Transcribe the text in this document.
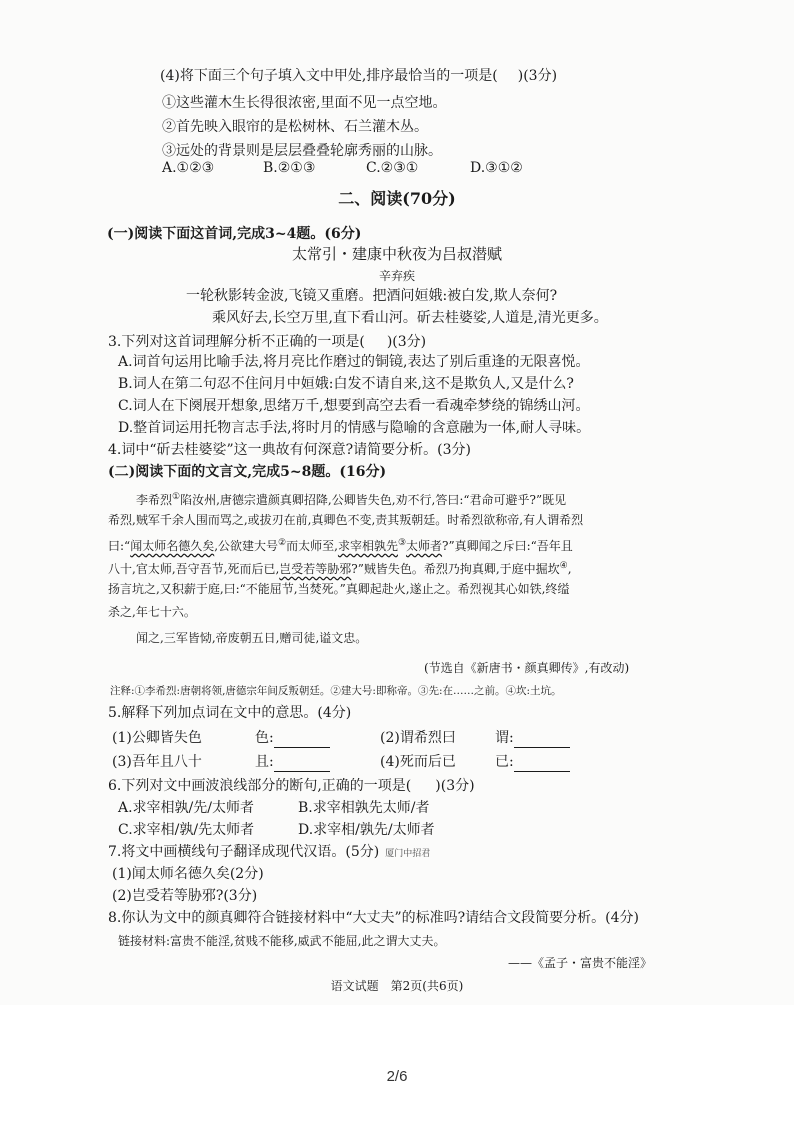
(4)将下面三个句子填入文中甲处,排序最恰当的一项是( )(3分)
①这些灌木生长得很浓密,里面不见一点空地。
②首先映入眼帘的是松树林、石兰灌木丛。
③远处的背景则是层层叠叠轮廓秀丽的山脉。
A.①②③	B.②①③	C.②③①	D.③①②
二、阅读(70分)
(一)阅读下面这首词,完成3~4题。(6分)
太常引・建康中秋夜为吕叔潜赋
辛弃疾
一轮秋影转金波,飞镜又重磨。把酒问姮娥:被白发,欺人奈何?
乘风好去,长空万里,直下看山河。斫去桂婆娑,人道是,清光更多。
3.下列对这首词理解分析不正确的一项是( )(3分)
A.词首句运用比喻手法,将月亮比作磨过的铜镜,表达了别后重逢的无限喜悦。
B.词人在第二句忍不住问月中姮娥:白发不请自来,这不是欺负人,又是什么?
C.词人在下阕展开想象,思绪万千,想要到高空去看一看魂牵梦绕的锦绣山河。
D.整首词运用托物言志手法,将时月的情感与隐喻的含意融为一体,耐人寻味。
4.词中“斫去桂婆娑”这一典故有何深意?请简要分析。(3分)
(二)阅读下面的文言文,完成5~8题。(16分)
李希烈①陷汝州,唐德宗遣颜真卿招降,公卿皆失色,劝不行,答曰:“君命可避乎?”既见
希烈,贼军千余人围而骂之,或拔刃在前,真卿色不变,责其叛朝廷。时希烈欲称帝,有人谓希烈
曰:“闻太师名德久矣,公欲建大号②而太师至,求宰相孰先③太师者?”真卿闻之斥曰:“吾年且
八十,官太师,吾守吾节,死而后已,岂受若等胁邪?”贼皆失色。希烈乃拘真卿,于庭中掘坎④,
扬言坑之,又积薪于庭,曰:“不能屈节,当焚死。”真卿起赴火,遂止之。希烈视其心如铁,终缢
杀之,年七十六。
闻之,三军皆恸,帝废朝五日,赠司徒,谥文忠。
(节选自《新唐书・颜真卿传》,有改动)
注释:①李希烈:唐朝将领,唐德宗年间反叛朝廷。②建大号:即称帝。③先:在……之前。④坎:土坑。
5.解释下列加点词在文中的意思。(4分)
(1)公卿皆失色	色:	(2)谓希烈曰	谓:
(3)吾年且八十	且:	(4)死而后已	已:
6.下列对文中画波浪线部分的断句,正确的一项是( )(3分)
A.求宰相孰/先/太师者	B.求宰相孰先太师/者
C.求宰相/孰/先太师者	D.求宰相/孰先/太师者
7.将文中画横线句子翻译成现代汉语。(5分) 厦门中招君
(1)闻太师名德久矣(2分)
(2)岂受若等胁邪?(3分)
8.你认为文中的颜真卿符合链接材料中“大丈夫”的标准吗?请结合文段简要分析。(4分)
链接材料:富贵不能淫,贫贱不能移,威武不能屈,此之谓大丈夫。
——《孟子・富贵不能淫》
语文试题　第2页(共6页)
2/6
